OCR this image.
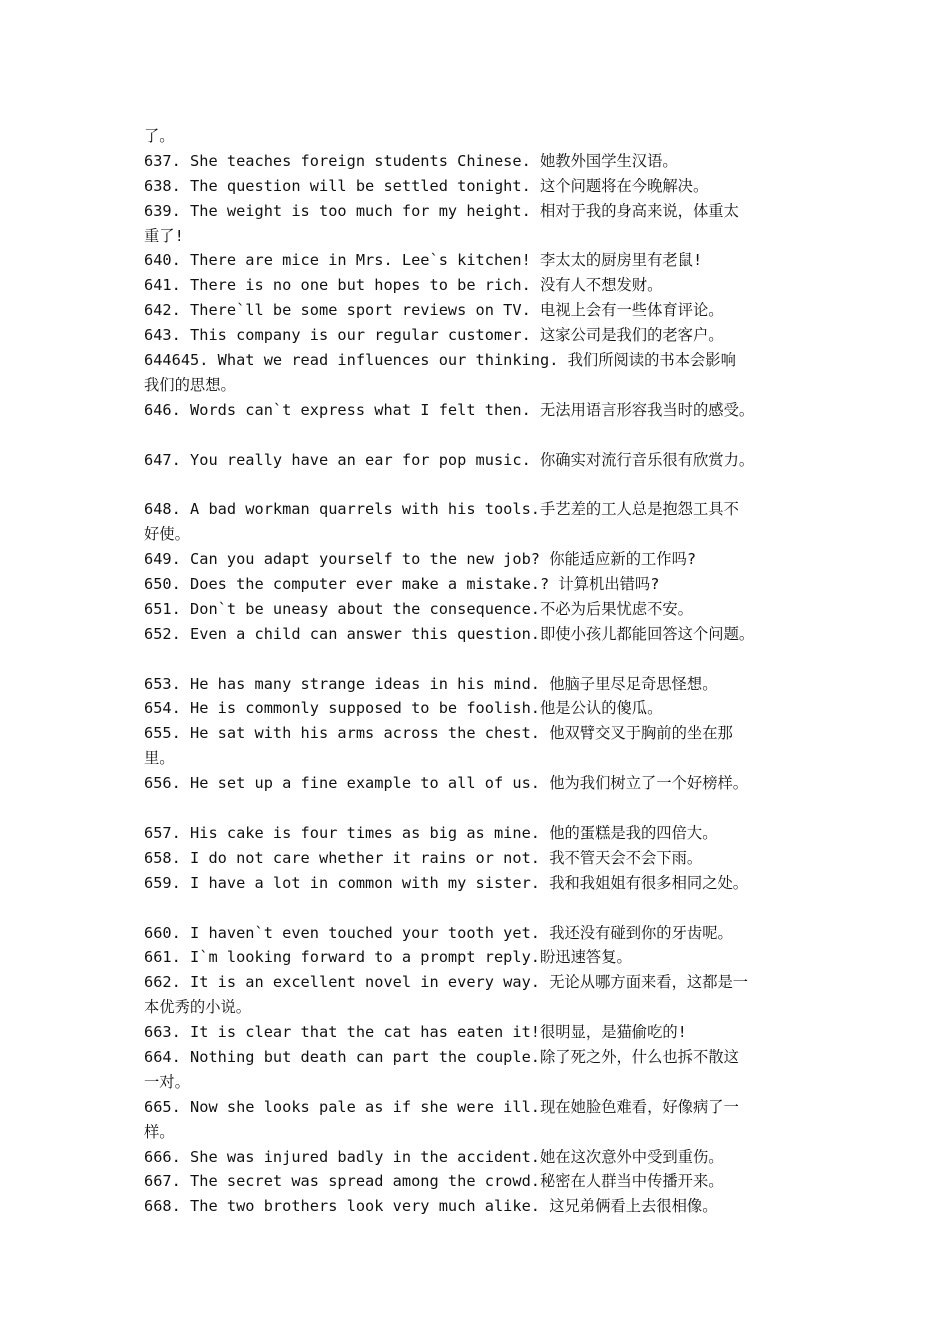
了。
637. She teaches foreign students Chinese. 她教外国学生汉语。
638. The question will be settled tonight. 这个问题将在今晚解决。
639. The weight is too much for my height. 相对于我的身高来说，体重太
重了!
640. There are mice in Mrs. Lee`s kitchen! 李太太的厨房里有老鼠!
641. There is no one but hopes to be rich. 没有人不想发财。
642. There`ll be some sport reviews on TV. 电视上会有一些体育评论。
643. This company is our regular customer. 这家公司是我们的老客户。
644645. What we read influences our thinking. 我们所阅读的书本会影响
我们的思想。
646. Words can`t express what I felt then. 无法用语言形容我当时的感受。
647. You really have an ear for pop music. 你确实对流行音乐很有欣赏力。
648. A bad workman quarrels with his tools.手艺差的工人总是抱怨工具不
好使。
649. Can you adapt yourself to the new job? 你能适应新的工作吗?
650. Does the computer ever make a mistake.? 计算机出错吗?
651. Don`t be uneasy about the consequence.不必为后果忧虑不安。
652. Even a child can answer this question.即使小孩儿都能回答这个问题。
653. He has many strange ideas in his mind. 他脑子里尽足奇思怪想。
654. He is commonly supposed to be foolish.他是公认的傻瓜。
655. He sat with his arms across the chest. 他双臂交叉于胸前的坐在那
里。
656. He set up a fine example to all of us. 他为我们树立了一个好榜样。
657. His cake is four times as big as mine. 他的蛋糕是我的四倍大。
658. I do not care whether it rains or not. 我不管天会不会下雨。
659. I have a lot in common with my sister. 我和我姐姐有很多相同之处。
660. I haven`t even touched your tooth yet. 我还没有碰到你的牙齿呢。
661. I`m looking forward to a prompt reply.盼迅速答复。
662. It is an excellent novel in every way. 无论从哪方面来看，这都是一
本优秀的小说。
663. It is clear that the cat has eaten it!很明显，是猫偷吃的!
664. Nothing but death can part the couple.除了死之外，什么也拆不散这
一对。
665. Now she looks pale as if she were ill.现在她脸色难看，好像病了一
样。
666. She was injured badly in the accident.她在这次意外中受到重伤。
667. The secret was spread among the crowd.秘密在人群当中传播开来。
668. The two brothers look very much alike. 这兄弟俩看上去很相像。
